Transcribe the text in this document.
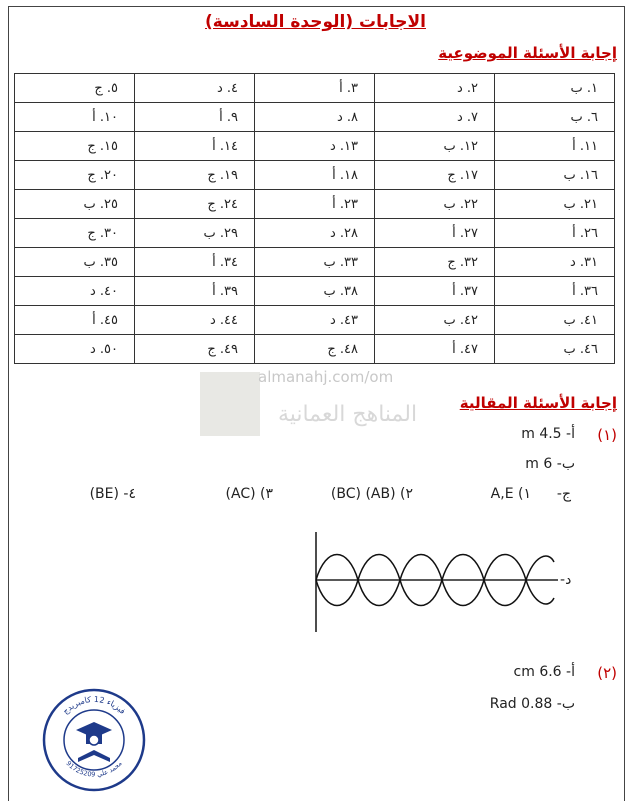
الاجابات (الوحدة السادسة)
إجابة الأسئلة الموضوعية
١. ب	٢. د	٣. أ	٤. د	٥. ج
٦. ب	٧. د	٨. د	٩. أ	١٠. أ
١١. أ	١٢. ب	١٣. د	١٤. أ	١٥. ج
١٦. ب	١٧. ج	١٨. أ	١٩. ج	٢٠. ج
٢١. ب	٢٢. ب	٢٣. أ	٢٤. ج	٢٥. ب
٢٦. أ	٢٧. أ	٢٨. د	٢٩. ب	٣٠. ج
٣١. د	٣٢. ج	٣٣. ب	٣٤. أ	٣٥. ب
٣٦. أ	٣٧. أ	٣٨. ب	٣٩. أ	٤٠. د
٤١. ب	٤٢. ب	٤٣. د	٤٤. د	٤٥. أ
٤٦. ب	٤٧. أ	٤٨. ج	٤٩. ج	٥٠. د
almanahj.com/om
المناهج العمانية	إجابة الأسئلة المقالية
(١)
أ- 4.5 m
ب- 6 m
ج-
١) A,E
٢) (AB) (BC)
٣) (AC)
٤- (BE)
-د
(٢)
أ- 6.6 cm
ب- 0.88 Rad
فيزياء 12 كامبريدج
محمد علي 91725209
